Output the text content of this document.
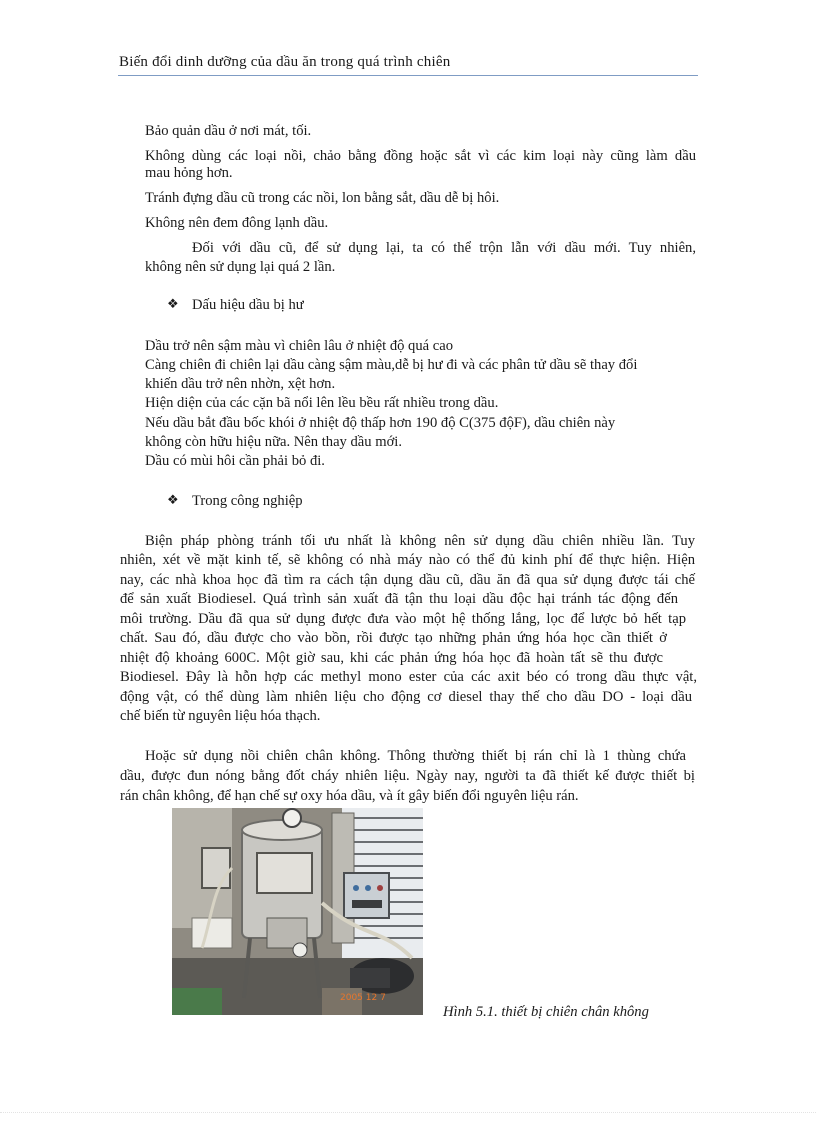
Biến đổi dinh dưỡng của dầu ăn trong quá trình chiên
Bảo quản dầu ở nơi mát, tối.
Không dùng các loại nồi, chảo bằng đồng hoặc sắt vì các kim loại này cũng làm dầu
mau hỏng hơn.
Tránh đựng dầu cũ trong các nồi, lon bằng sắt, dầu dễ bị hôi.
Không nên đem đông lạnh dầu.
Đối với dầu cũ, để sử dụng lại, ta có thể trộn lẫn với dầu mới. Tuy nhiên,
không nên sử dụng lại quá 2 lần.
❖ Dấu hiệu dầu bị hư
Dầu trở nên sậm màu vì chiên lâu ở nhiệt độ quá cao
Càng chiên đi chiên lại dầu càng sậm màu,dễ bị hư đi và các phân tử dầu sẽ thay đổi
khiến dầu trở nên nhờn, xệt hơn.
Hiện diện của các cặn bã nổi lên lều bều rất nhiều trong dầu.
Nếu dầu bắt đầu bốc khói ở nhiệt độ thấp hơn 190 độ C(375 độF), dầu chiên này
không còn hữu hiệu nữa. Nên thay dầu mới.
Dầu có mùi hôi cần phải bỏ đi.
❖ Trong công nghiệp
Biện pháp phòng tránh tối ưu nhất là không nên sử dụng dầu chiên nhiều lần. Tuy
nhiên, xét về mặt kinh tế, sẽ không có nhà máy nào có thể đủ kinh phí để thực hiện. Hiện
nay, các nhà khoa học đã tìm ra cách tận dụng dầu cũ, dầu ăn đã qua sử dụng được tái chế
để sản xuất Biodiesel. Quá trình sản xuất đã tận thu loại dầu độc hại tránh tác động đến
môi trường. Dầu đã qua sử dụng được đưa vào một hệ thống lắng, lọc để lược bỏ hết tạp
chất. Sau đó, dầu được cho vào bồn, rồi được tạo những phản ứng hóa học cần thiết ở
nhiệt độ khoảng 600C. Một giờ sau, khi các phản ứng hóa học đã hoàn tất sẽ thu được
Biodiesel. Đây là hỗn hợp các methyl mono ester của các axit béo có trong dầu thực vật,
động vật, có thể dùng làm nhiên liệu cho động cơ diesel thay thế cho dầu DO - loại dầu
chế biến từ nguyên liệu hóa thạch.
Hoặc sử dụng nồi chiên chân không. Thông thường thiết bị rán chỉ là 1 thùng chứa
dầu, được đun nóng bằng đốt cháy nhiên liệu. Ngày nay, người ta đã thiết kế được thiết bị
rán chân không, để hạn chế sự oxy hóa dầu, và ít gây biến đổi nguyên liệu rán.
2005 12 7
Hình 5.1. thiết bị chiên chân không
